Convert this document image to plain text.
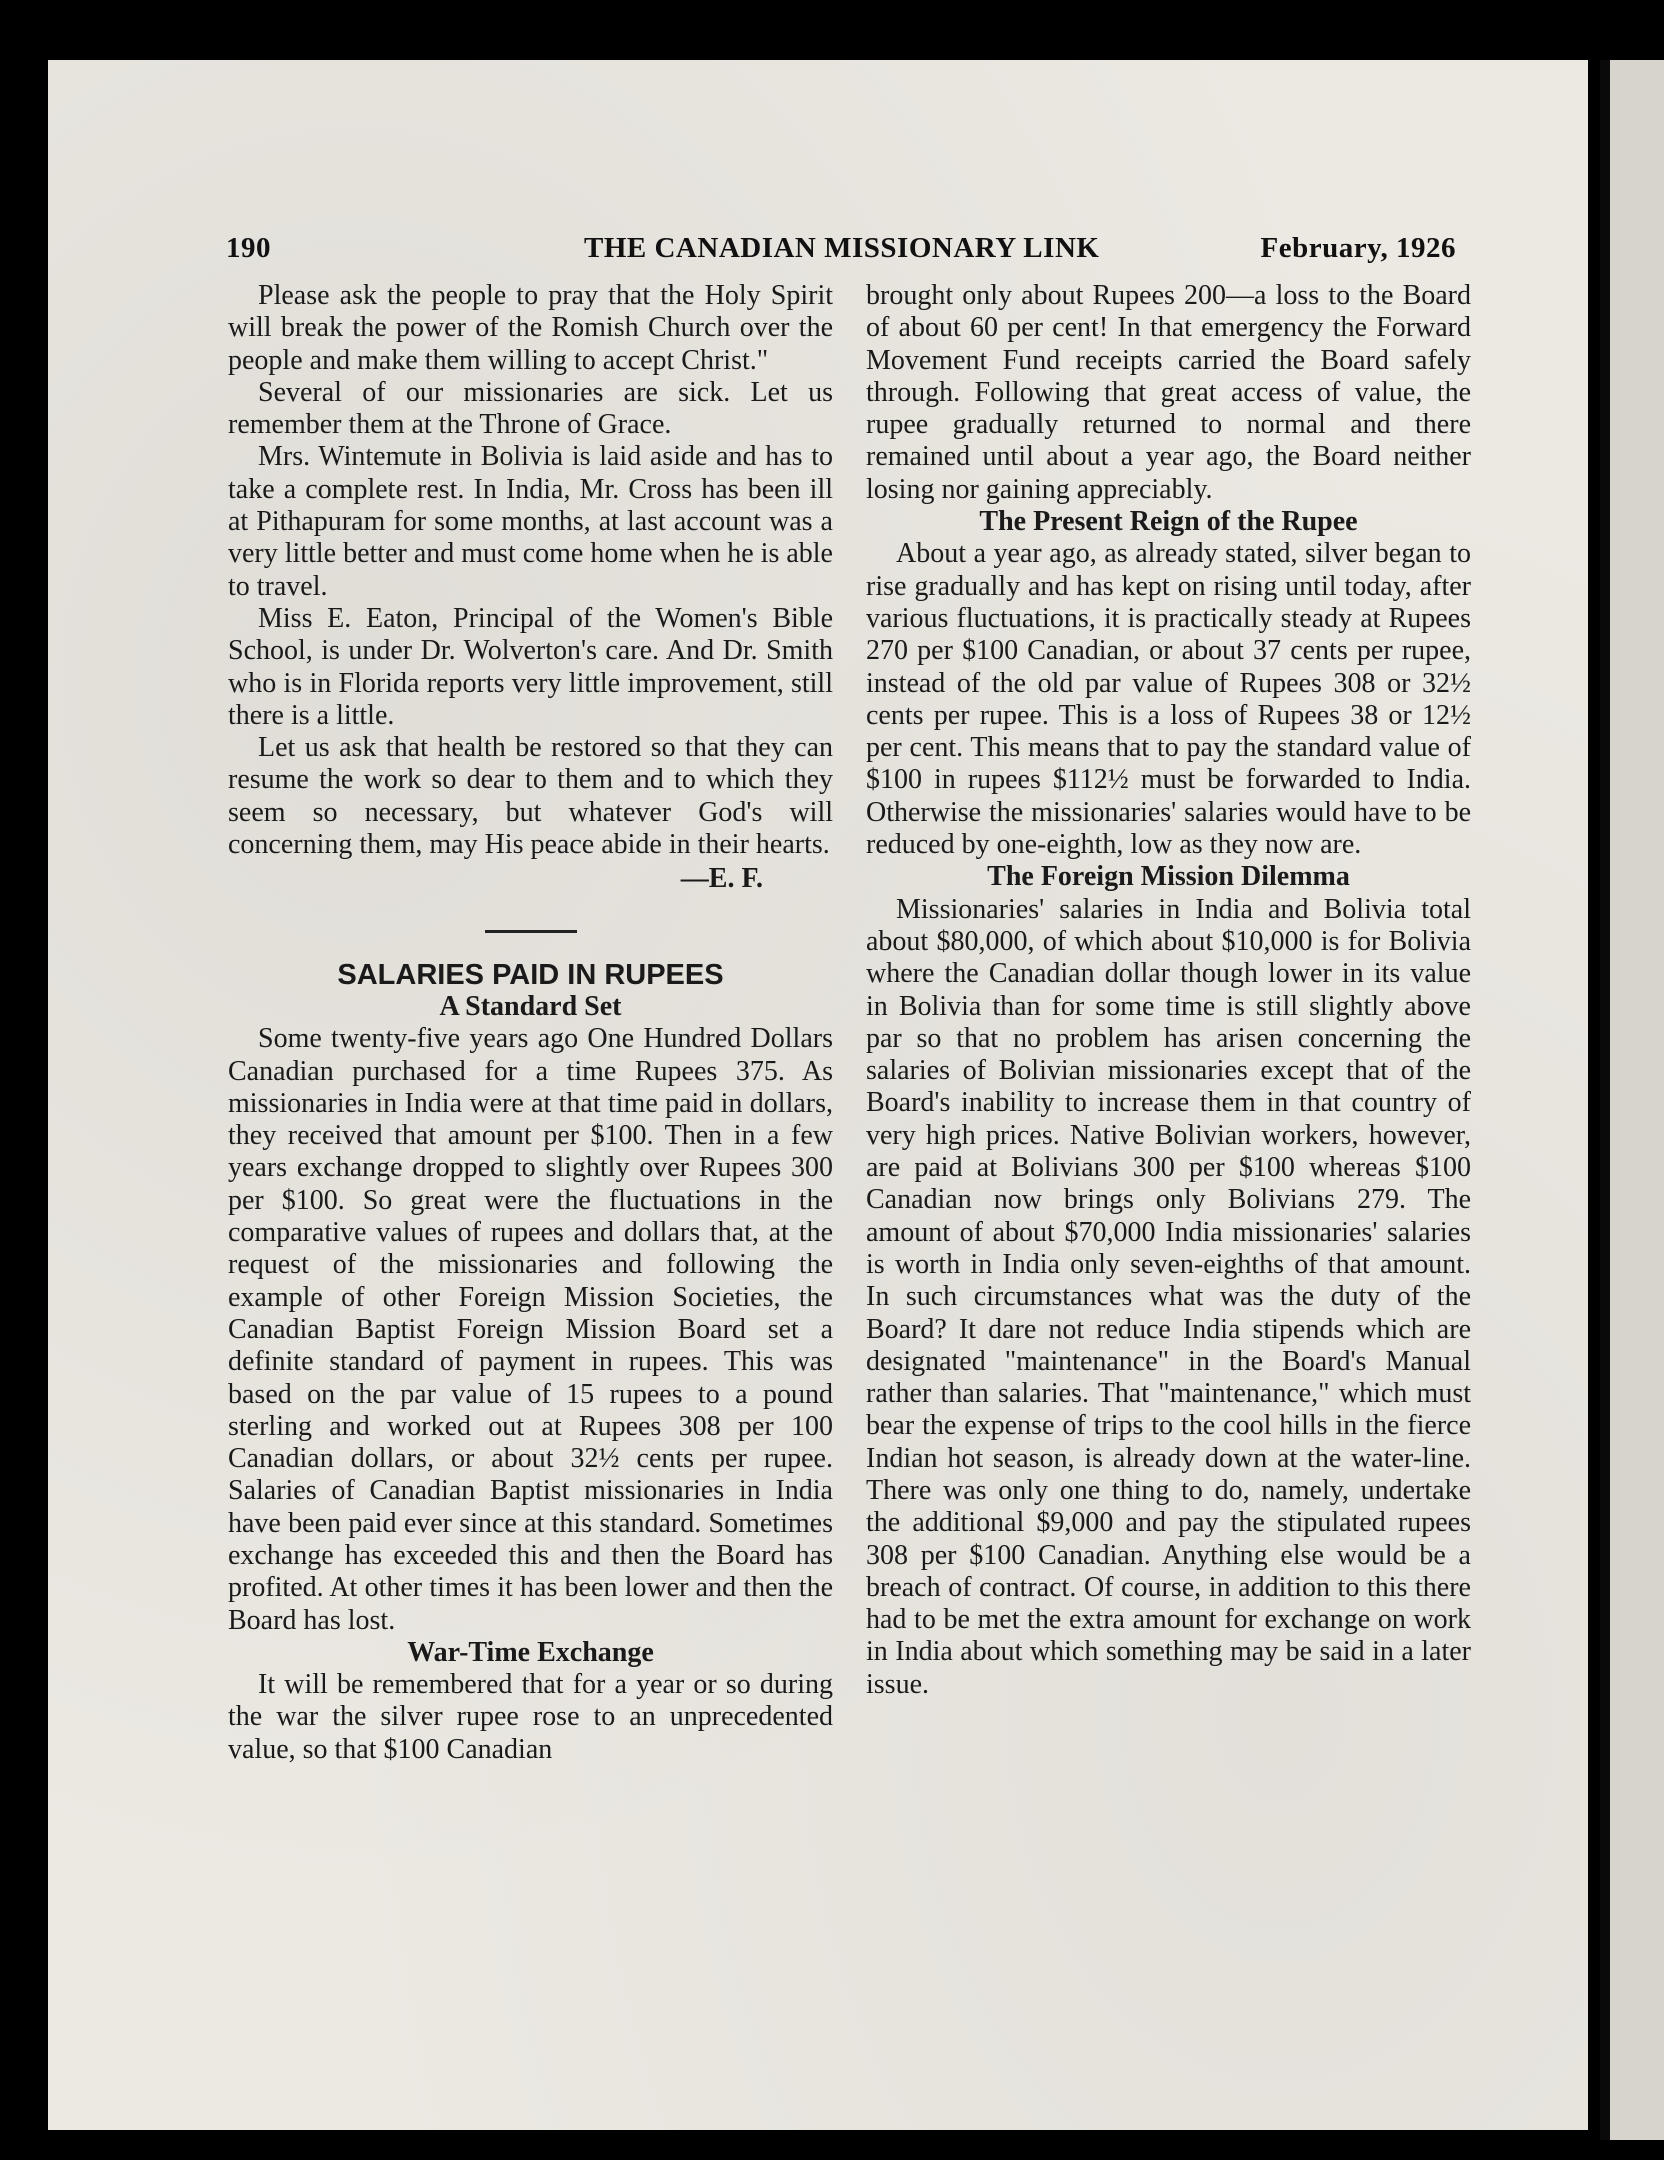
190	THE CANADIAN MISSIONARY LINK	February, 1926

Please ask the people to pray that the Holy Spirit will break the power of the Romish Church over the people and make them willing to accept Christ."

Several of our missionaries are sick. Let us remember them at the Throne of Grace.

Mrs. Wintemute in Bolivia is laid aside and has to take a complete rest. In India, Mr. Cross has been ill at Pithapuram for some months, at last account was a very little better and must come home when he is able to travel.

Miss E. Eaton, Principal of the Women's Bible School, is under Dr. Wolverton's care. And Dr. Smith who is in Florida reports very little improvement, still there is a little.

Let us ask that health be restored so that they can resume the work so dear to them and to which they seem so necessary, but whatever God's will concerning them, may His peace abide in their hearts.

—E. F.
SALARIES PAID IN RUPEES
A Standard Set

Some twenty-five years ago One Hundred Dollars Canadian purchased for a time Rupees 375. As missionaries in India were at that time paid in dollars, they received that amount per $100. Then in a few years exchange dropped to slightly over Rupees 300 per $100. So great were the fluctuations in the comparative values of rupees and dollars that, at the request of the missionaries and following the example of other Foreign Mission Societies, the Canadian Baptist Foreign Mission Board set a definite standard of payment in rupees. This was based on the par value of 15 rupees to a pound sterling and worked out at Rupees 308 per 100 Canadian dollars, or about 32½ cents per rupee. Salaries of Canadian Baptist missionaries in India have been paid ever since at this standard. Sometimes exchange has exceeded this and then the Board has profited. At other times it has been lower and then the Board has lost.

War-Time Exchange

It will be remembered that for a year or so during the war the silver rupee rose to an unprecedented value, so that $100 Canadian

brought only about Rupees 200—a loss to the Board of about 60 per cent! In that emergency the Forward Movement Fund receipts carried the Board safely through. Following that great access of value, the rupee gradually returned to normal and there remained until about a year ago, the Board neither losing nor gaining appreciably.

The Present Reign of the Rupee

About a year ago, as already stated, silver began to rise gradually and has kept on rising until today, after various fluctuations, it is practically steady at Rupees 270 per $100 Canadian, or about 37 cents per rupee, instead of the old par value of Rupees 308 or 32½ cents per rupee. This is a loss of Rupees 38 or 12½ per cent. This means that to pay the standard value of $100 in rupees $112½ must be forwarded to India. Otherwise the missionaries' salaries would have to be reduced by one-eighth, low as they now are.

The Foreign Mission Dilemma

Missionaries' salaries in India and Bolivia total about $80,000, of which about $10,000 is for Bolivia where the Canadian dollar though lower in its value in Bolivia than for some time is still slightly above par so that no problem has arisen concerning the salaries of Bolivian missionaries except that of the Board's inability to increase them in that country of very high prices. Native Bolivian workers, however, are paid at Bolivians 300 per $100 whereas $100 Canadian now brings only Bolivians 279. The amount of about $70,000 India missionaries' salaries is worth in India only seven-eighths of that amount. In such circumstances what was the duty of the Board? It dare not reduce India stipends which are designated "maintenance" in the Board's Manual rather than salaries. That "maintenance," which must bear the expense of trips to the cool hills in the fierce Indian hot season, is already down at the water-line. There was only one thing to do, namely, undertake the additional $9,000 and pay the stipulated rupees 308 per $100 Canadian. Anything else would be a breach of contract. Of course, in addition to this there had to be met the extra amount for exchange on work in India about which something may be said in a later issue.
